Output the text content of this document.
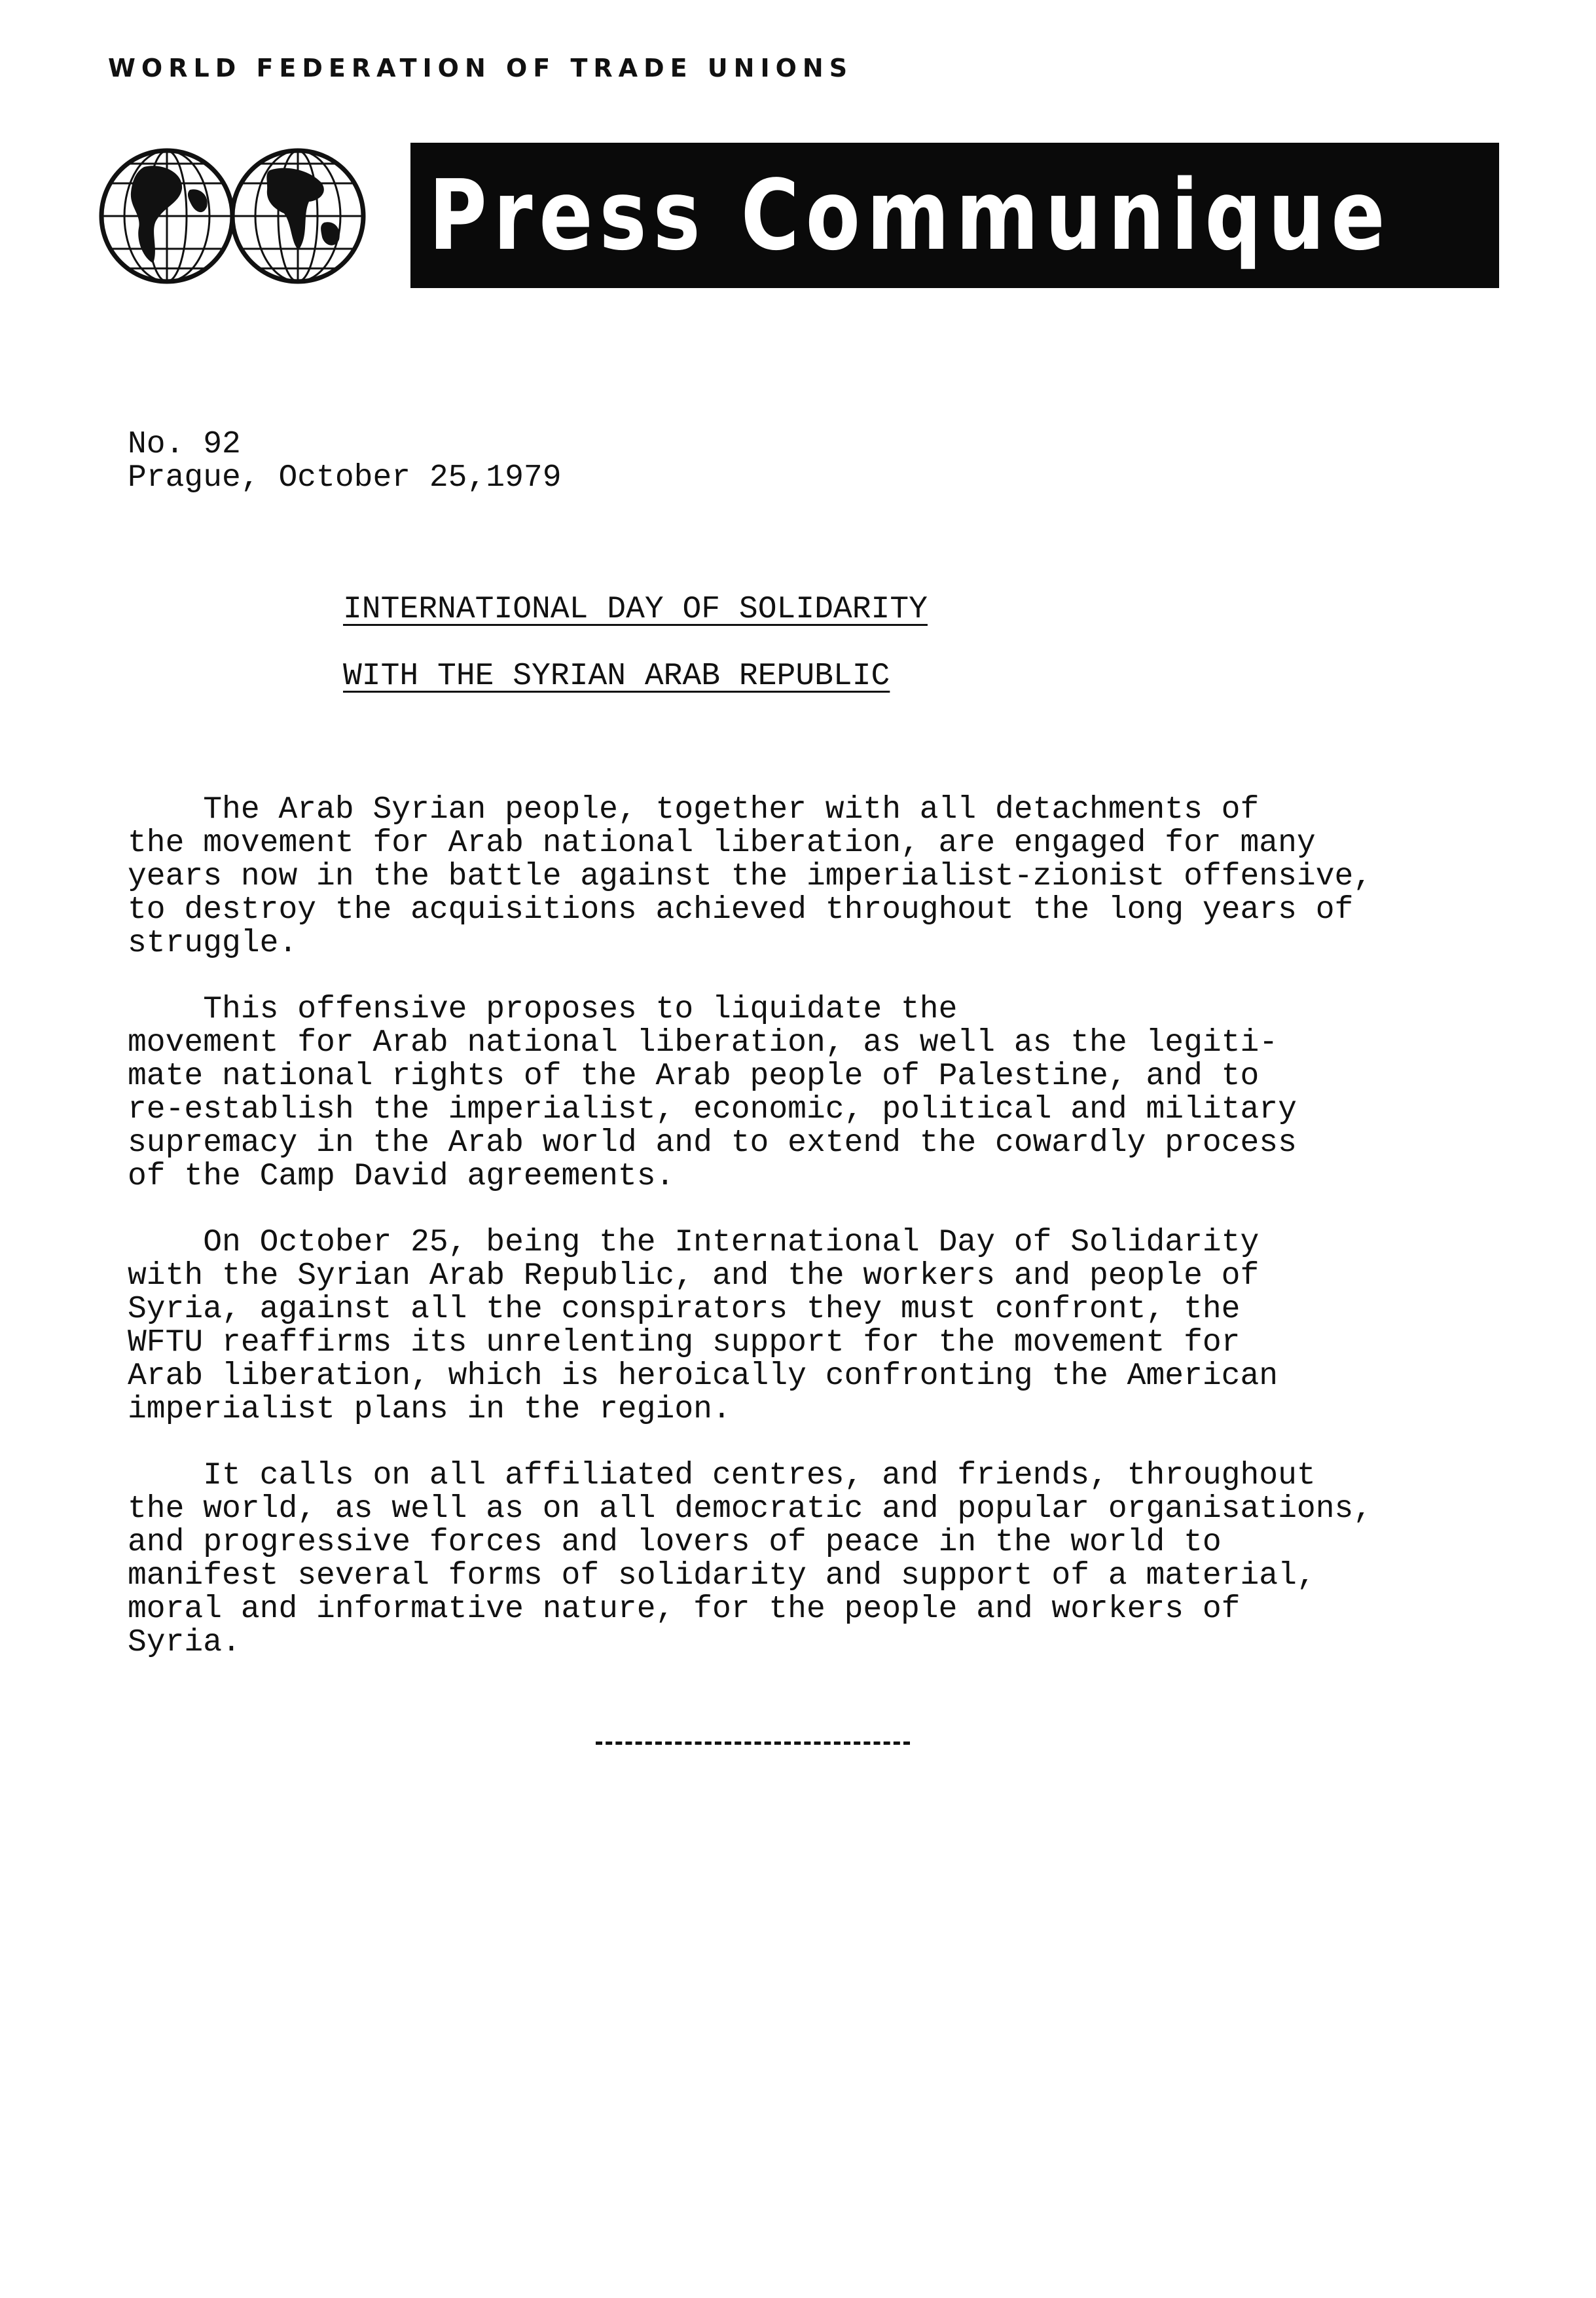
WORLD FEDERATION OF TRADE UNIONS
Press Communique
No. 92
Prague, October 25,1979
INTERNATIONAL DAY OF SOLIDARITY
WITH THE SYRIAN ARAB REPUBLIC

The Arab Syrian people, together with all detachments of
the movement for Arab national liberation, are engaged for many
years now in the battle against the imperialist-zionist offensive,
to destroy the acquisitions achieved throughout the long years of
struggle.

This offensive proposes to liquidate the
movement for Arab national liberation, as well as the legiti-
mate national rights of the Arab people of Palestine, and to
re-establish the imperialist, economic, political and military
supremacy in the Arab world and to extend the cowardly process
of the Camp David agreements.

On October 25, being the International Day of Solidarity
with the Syrian Arab Republic, and the workers and people of
Syria, against all the conspirators they must confront, the
WFTU reaffirms its unrelenting support for the movement for
Arab liberation, which is heroically confronting the American
imperialist plans in the region.

It calls on all affiliated centres, and friends, throughout
the world, as well as on all democratic and popular organisations,
and progressive forces and lovers of peace in the world to
manifest several forms of solidarity and support of a material,
moral and informative nature, for the people and workers of
Syria.
